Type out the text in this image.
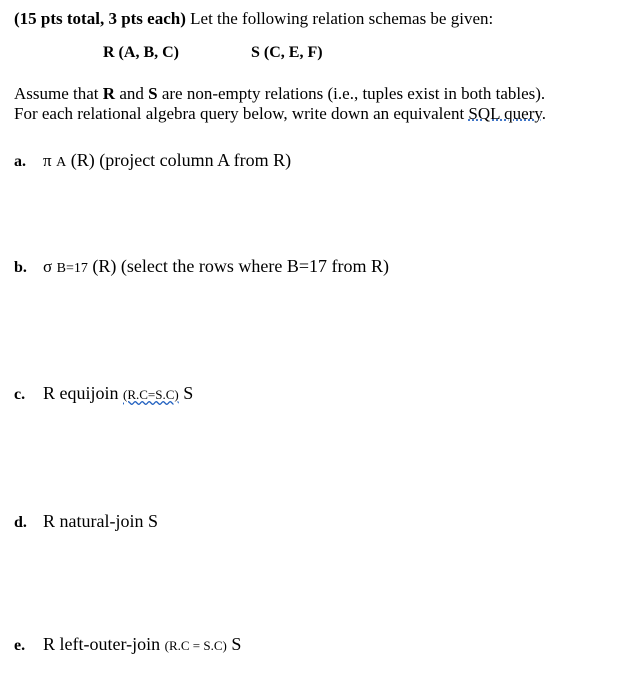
(15 pts total, 3 pts each) Let the following relation schemas be given:
R (A, B, C)	S (C, E, F)
Assume that R and S are non-empty relations (i.e., tuples exist in both tables).
For each relational algebra query below, write down an equivalent SQL query.
a. π A (R) (project column A from R)
b. σ B=17 (R) (select the rows where B=17 from R)
c. R equijoin (R.C=S.C) S
d. R natural-join S
e. R left-outer-join (R.C = S.C) S
